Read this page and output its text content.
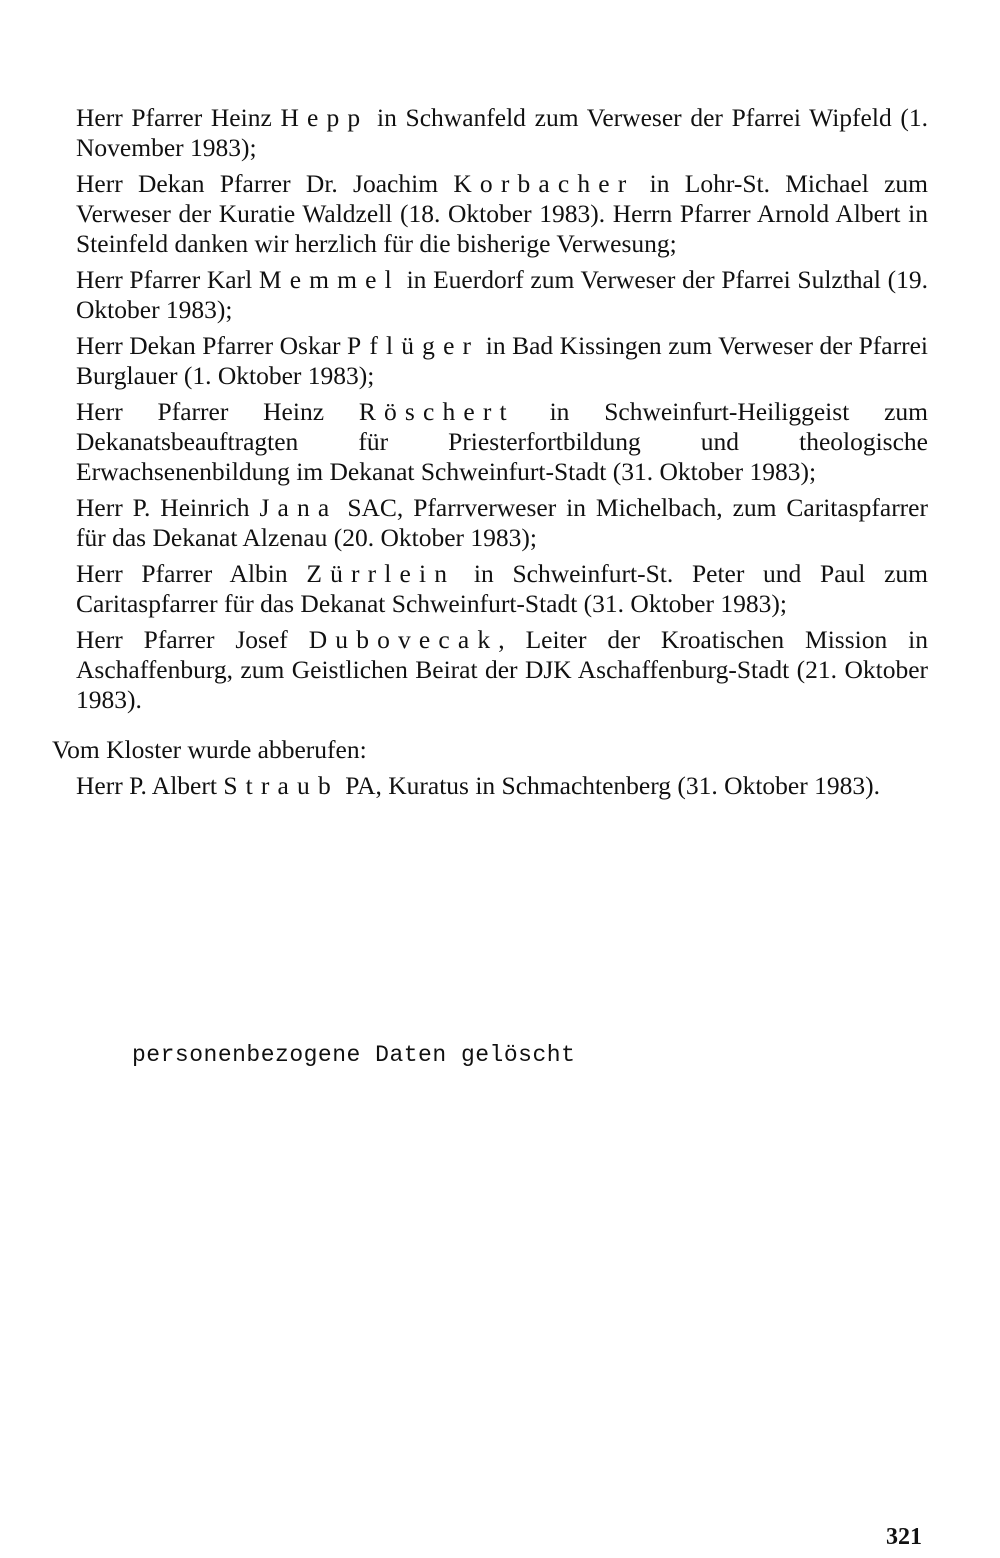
Herr Pfarrer Heinz Hepp in Schwanfeld zum Verweser der Pfarrei Wipfeld (1. November 1983);

Herr Dekan Pfarrer Dr. Joachim Korbacher in Lohr-St. Michael zum Verweser der Kuratie Waldzell (18. Oktober 1983). Herrn Pfarrer Arnold Albert in Steinfeld danken wir herzlich für die bisherige Verwesung;

Herr Pfarrer Karl Memmel in Euerdorf zum Verweser der Pfarrei Sulzthal (19. Oktober 1983);

Herr Dekan Pfarrer Oskar Pflüger in Bad Kissingen zum Verweser der Pfarrei Burglauer (1. Oktober 1983);

Herr Pfarrer Heinz Röschert in Schweinfurt-Heiliggeist zum Dekanatsbeauftragten für Priesterfortbildung und theologische Erwachsenenbildung im Dekanat Schweinfurt-Stadt (31. Oktober 1983);

Herr P. Heinrich Jana SAC, Pfarrverweser in Michelbach, zum Caritaspfarrer für das Dekanat Alzenau (20. Oktober 1983);

Herr Pfarrer Albin Zürrlein in Schweinfurt-St. Peter und Paul zum Caritaspfarrer für das Dekanat Schweinfurt-Stadt (31. Oktober 1983);

Herr Pfarrer Josef Dubovecak, Leiter der Kroatischen Mission in Aschaffenburg, zum Geistlichen Beirat der DJK Aschaffenburg-Stadt (21. Oktober 1983).

Vom Kloster wurde abberufen:

Herr P. Albert Straub PA, Kuratus in Schmachtenberg (31. Oktober 1983).

personenbezogene Daten gelöscht
321
